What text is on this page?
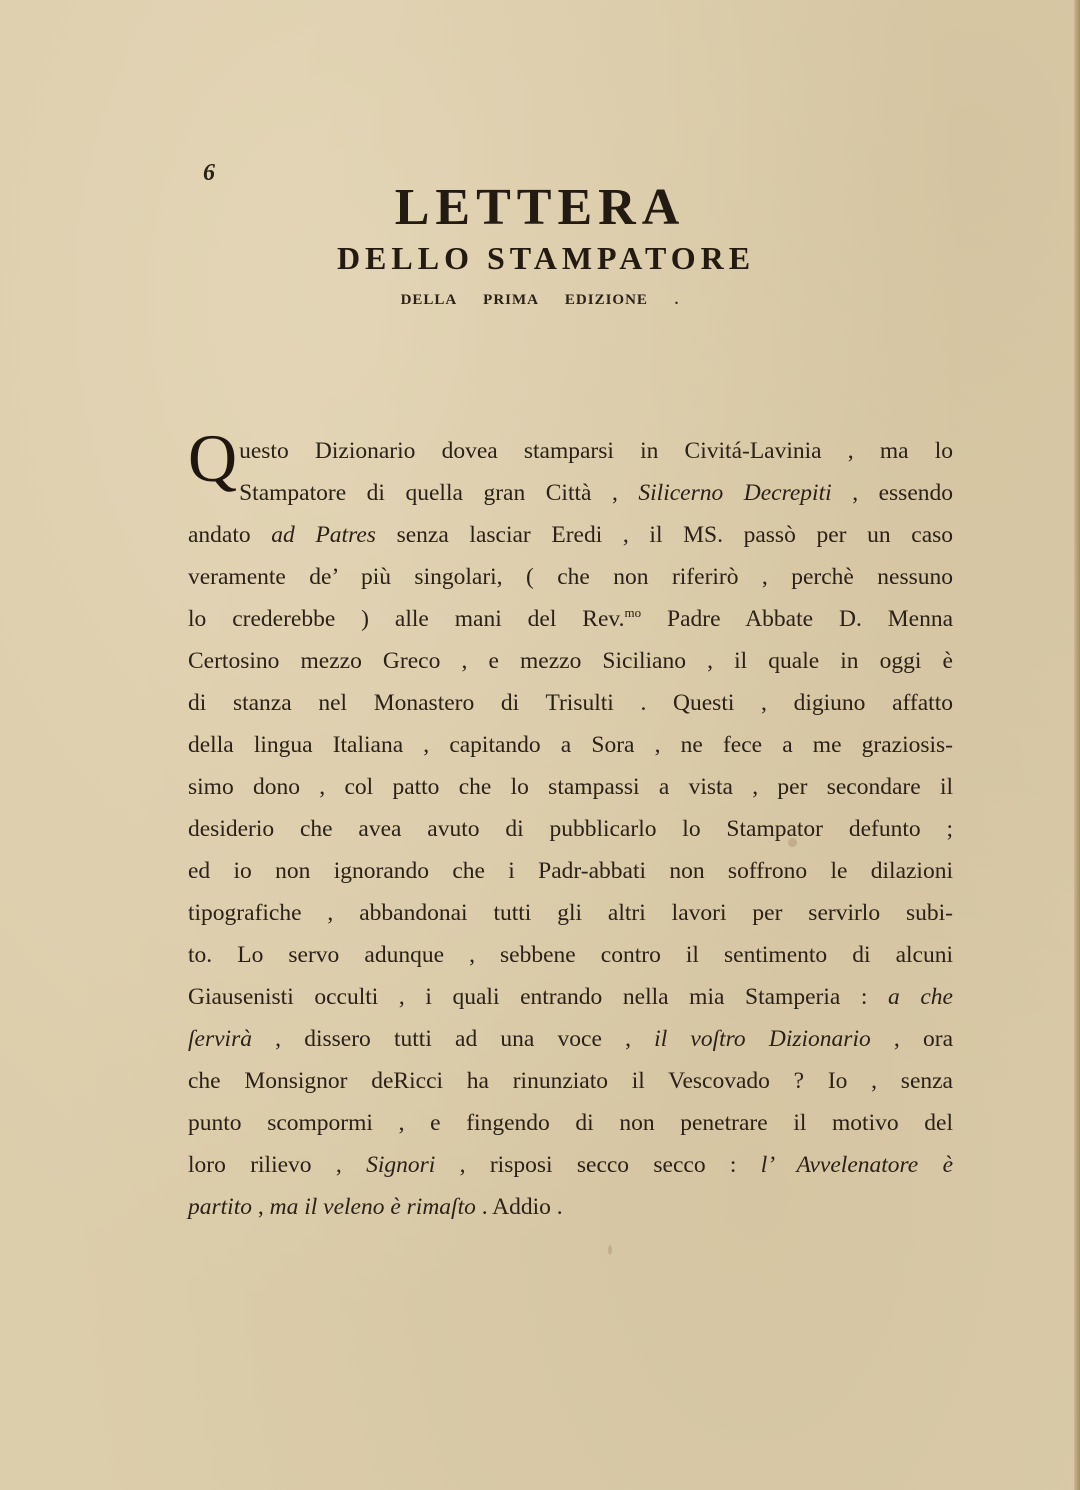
6
LETTERA
DELLO STAMPATORE
DELLA PRIMA EDIZIONE .
Q uesto Dizionario dovea stamparsi in Civitá-Lavinia , ma lo
Stampatore di quella gran Città , Silicerno Decrepiti , essendo
andato ad Patres senza lasciar Eredi , il MS. passò per un caso
veramente de’ più singolari, ( che non riferirò , perchè nessuno
lo crederebbe ) alle mani del Rev.$^{mo}$ Padre Abbate D. Menna
Certosino mezzo Greco , e mezzo Siciliano , il quale in oggi è
di stanza nel Monastero di Trisulti . Questi , digiuno affatto
della lingua Italiana , capitando a Sora , ne fece a me graziosis-
simo dono , col patto che lo stampassi a vista , per secondare il
desiderio che avea avuto di pubblicarlo lo Stampator defunto ;
ed io non ignorando che i Padr-abbati non soffrono le dilazioni
tipografiche , abbandonai tutti gli altri lavori per servirlo subi-
to. Lo servo adunque , sebbene contro il sentimento di alcuni
Giausenisti occulti , i quali entrando nella mia Stamperia : a che
ſervirà , dissero tutti ad una voce , il voſtro Dizionario , ora
che Monsignor deRicci ha rinunziato il Vescovado ? Io , senza
punto scompormi , e fingendo di non penetrare il motivo del
loro rilievo , Signori , risposi secco secco : l’ Avvelenatore è
partito , ma il veleno è rimaſto . Addio .
